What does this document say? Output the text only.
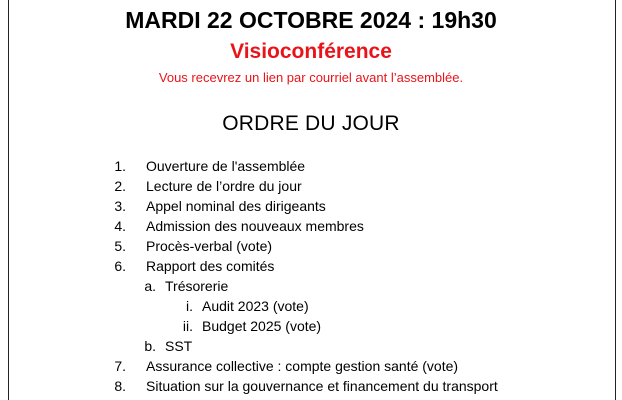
MARDI 22 OCTOBRE 2024 : 19h30
Visioconférence
Vous recevrez un lien par courriel avant l’assemblée.
ORDRE DU JOUR
1. Ouverture de l'assemblée
2. Lecture de l’ordre du jour
3. Appel nominal des dirigeants
4. Admission des nouveaux membres
5. Procès-verbal (vote)
6. Rapport des comités
a. Trésorerie
i. Audit 2023 (vote)
ii. Budget 2025 (vote)
b. SST
7. Assurance collective : compte gestion santé (vote)
8. Situation sur la gouvernance et financement du transport
